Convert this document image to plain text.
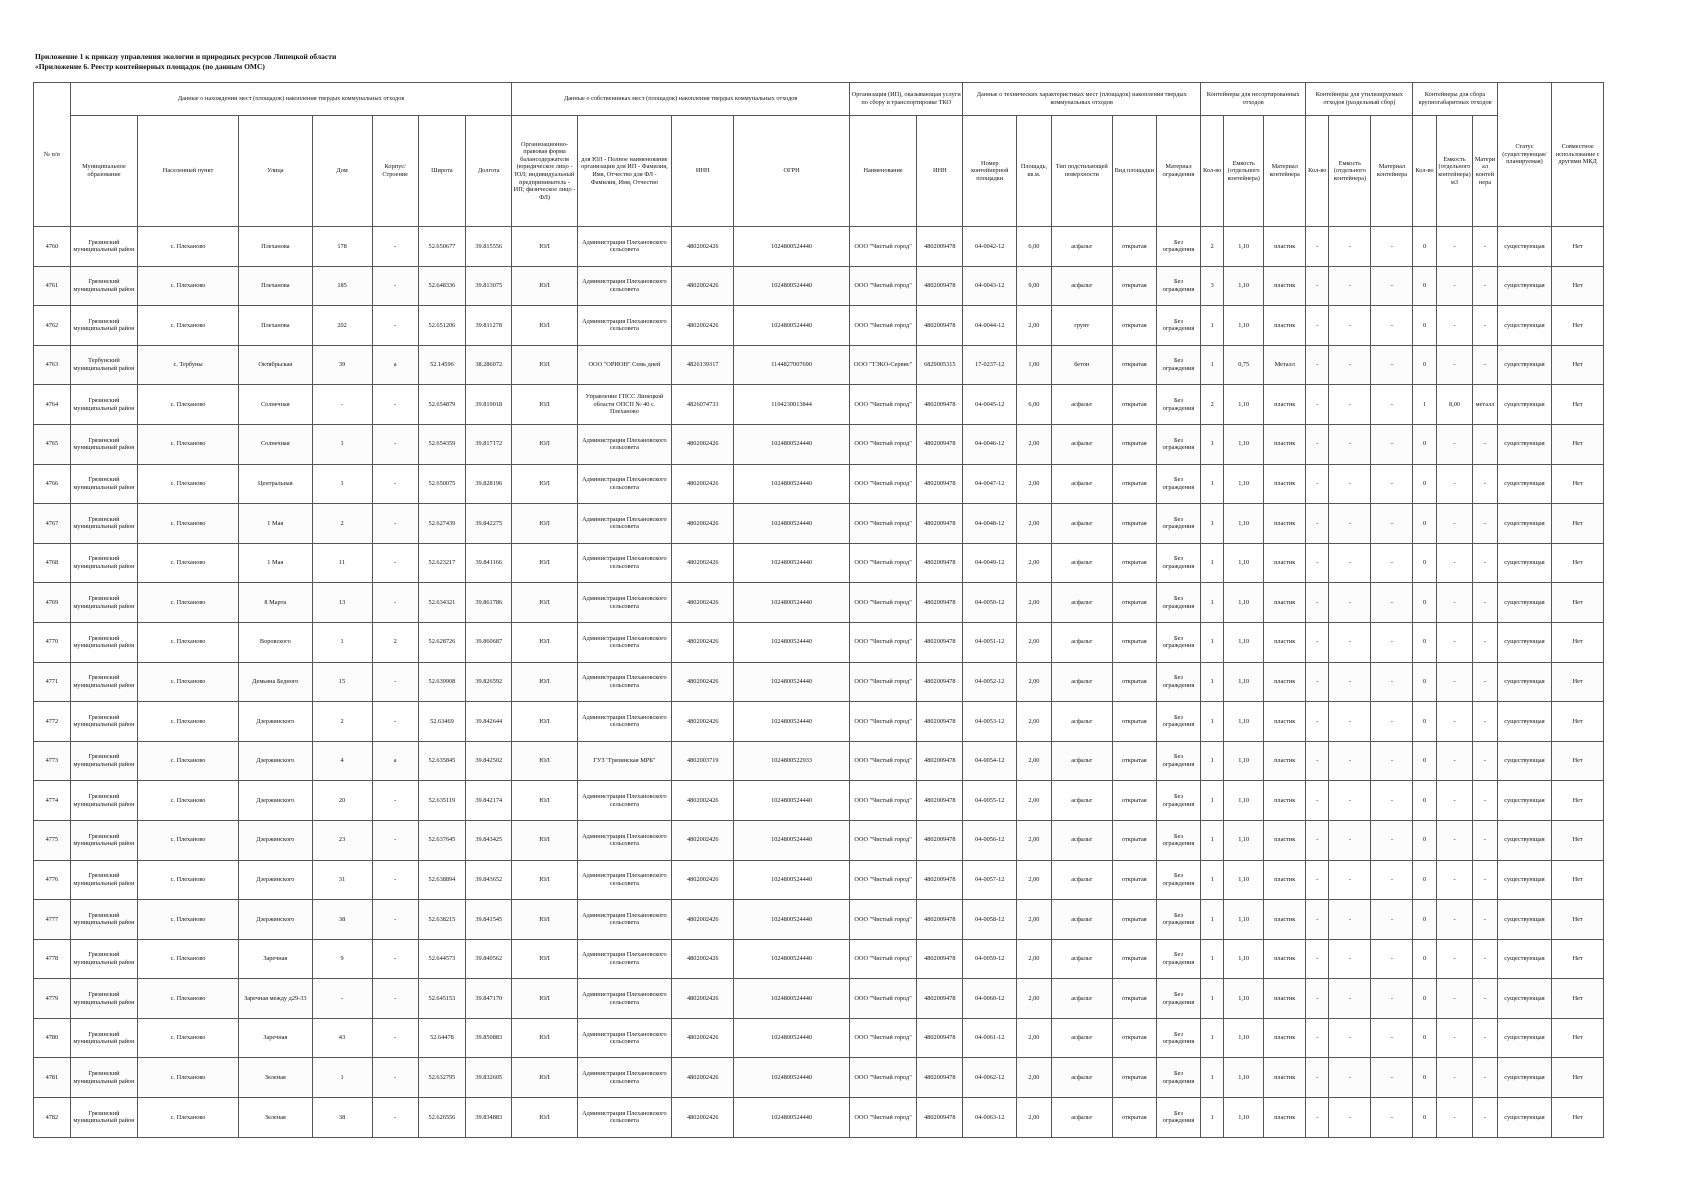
Приложение 1 к приказу управления экологии и природных ресурсов Липецкой области
«Приложение 6. Реестр контейнерных площадок (по данным ОМС)
№ п/п	Данные о нахождении мест (площадок) накопления твердых коммунальных отходов							Данные о собственниках мест (площадок) накопления твердых коммунальных отходов				Организация (ИП), оказывающая услуги по сбору и транспортировке ТКО		Данные о технических характеристиках мест (площадок) накопления твердых коммунальных отходов					Контейнеры для несортированных отходов			Контейнеры для утилизируемых отходов (раздельный сбор)			Контейнеры для сбора крупногабаритных отходов			Статус (существующая/ планируемая)	Совместное использование с другими МКД
	Муниципальное образование	Населенный пункт	Улица	Дом	Корпус/Строение	Широта	Долгота	Организационно-правовая форма балансодержателя (юридическое лицо - ЮЛ; индивидуальный предприниматель - ИП; физическое лицо - ФЛ)	для ЮЛ - Полное наименование организации для ИП - Фамилия, Имя, Отчество для ФЛ - Фамилия, Имя, Отчество	ИНН	ОГРН	Наименование	ИНН	Номер контейнерной площадки	Площадь, кв.м.	Тип подстилающей поверхности	Вид площадки	Материал ограждения	Кол-во	Емкость (отдельного контейнера)	Материал контейнера	Кол-во	Емкость (отдельного контейнера)	Материал контейнера	Кол-во	Емкость (отдельного контейнера) м3	Материал контейнера		
4760	Грязинский муниципальный район	с. Плеханово	Плеханова	178	-	52.650677	39.815556	ЮЛ	Администрация Плехановского сельсовета	4802002426	1024800524440	ООО "Чистый город"	4802009478	04-0042-12	6,00	асфальт	открытая	Без ограждения	2	1,10	пластик	-	-	-	0	-	-	существующая	Нет
4761	Грязинский муниципальный район	с. Плеханово	Плеханова	185	-	52.648336	39.813075	ЮЛ	Администрация Плехановского сельсовета	4802002426	1024800524440	ООО "Чистый город"	4802009478	04-0043-12	9,00	асфальт	открытая	Без ограждения	3	1,10	пластик	-	-	-	0	-	-	существующая	Нет
4762	Грязинский муниципальный район	с. Плеханово	Плеханова	202	-	52.651206	39.811278	ЮЛ	Администрация Плехановского сельсовета	4802002426	1024800524440	ООО "Чистый город"	4802009478	04-0044-12	2,00	грунт	открытая	Без ограждения	1	1,10	пластик	-	-	-	0	-	-	существующая	Нет
4763	Тербунский муниципальный район	с. Тербуны	Октябрьская	39	а	52.14596	38.286072	ЮЛ	ООО "ОРИОН" Семь дней	4826139317	1144827007690	ООО "ТЭКО-Сервис"	6829005315	17-0237-12	1,00	бетон	открытая	Без ограждения	1	0,75	Металл	-	-	-	0	-	-	существующая	Нет
4764	Грязинский муниципальный район	с. Плеханово	Солнечная	-	-	52.654879	39.819018	ЮЛ	Управление ГПСС Липецкой области ОПСП № 40 с. Плеханово	4826074733	1104230013844	ООО "Чистый город"	4802009478	04-0045-12	6,00	асфальт	открытая	Без ограждения	2	1,10	пластик	-	-	-	1	8,00	металл	существующая	Нет
4765	Грязинский муниципальный район	с. Плеханово	Солнечная	1	-	52.654359	39.817172	ЮЛ	Администрация Плехановского сельсовета	4802002426	1024800524440	ООО "Чистый город"	4802009478	04-0046-12	2,00	асфальт	открытая	Без ограждения	1	1,10	пластик	-	-	-	0	-	-	существующая	Нет
4766	Грязинский муниципальный район	с. Плеханово	Центральная	1	-	52.650075	39.828196	ЮЛ	Администрация Плехановского сельсовета	4802002426	1024800524440	ООО "Чистый город"	4802009478	04-0047-12	2,00	асфальт	открытая	Без ограждения	1	1,10	пластик	-	-	-	0	-	-	существующая	Нет
4767	Грязинский муниципальный район	с. Плеханово	1 Мая	2	-	52.627439	39.842275	ЮЛ	Администрация Плехановского сельсовета	4802002426	1024800524440	ООО "Чистый город"	4802009478	04-0048-12	2,00	асфальт	открытая	Без ограждения	1	1,10	пластик	-	-	-	0	-	-	существующая	Нет
4768	Грязинский муниципальный район	с. Плеханово	1 Мая	11	-	52.623217	39.841166	ЮЛ	Администрация Плехановского сельсовета	4802002426	1024800524440	ООО "Чистый город"	4802009478	04-0049-12	2,00	асфальт	открытая	Без ограждения	1	1,10	пластик	-	-	-	0	-	-	существующая	Нет
4769	Грязинский муниципальный район	с. Плеханово	8 Марта	13	-	52.634321	39.861786	ЮЛ	Администрация Плехановского сельсовета	4802002426	1024800524440	ООО "Чистый город"	4802009478	04-0050-12	2,00	асфальт	открытая	Без ограждения	1	1,10	пластик	-	-	-	0	-	-	существующая	Нет
4770	Грязинский муниципальный район	с. Плеханово	Воровского	1	2	52.628726	39.860687	ЮЛ	Администрация Плехановского сельсовета	4802002426	1024800524440	ООО "Чистый город"	4802009478	04-0051-12	2,00	асфальт	открытая	Без ограждения	1	1,10	пластик	-	-	-	0	-	-	существующая	Нет
4771	Грязинский муниципальный район	с. Плеханово	Демьяна Бедного	15	-	52.639908	39.826592	ЮЛ	Администрация Плехановского сельсовета	4802002426	1024800524440	ООО "Чистый город"	4802009478	04-0052-12	2,00	асфальт	открытая	Без ограждения	1	1,10	пластик	-	-	-	0	-	-	существующая	Нет
4772	Грязинский муниципальный район	с. Плеханово	Дзержинского	2	-	52.63469	39.842644	ЮЛ	Администрация Плехановского сельсовета	4802002426	1024800524440	ООО "Чистый город"	4802009478	04-0053-12	2,00	асфальт	открытая	Без ограждения	1	1,10	пластик	-	-	-	0	-	-	существующая	Нет
4773	Грязинский муниципальный район	с. Плеханово	Дзержинского	4	а	52.635845	39.842502	ЮЛ	ГУЗ "Грязинская МРБ"	4802003719	1024800522933	ООО "Чистый город"	4802009478	04-0054-12	2,00	асфальт	открытая	Без ограждения	1	1,10	пластик	-	-	-	0	-	-	существующая	Нет
4774	Грязинский муниципальный район	с. Плеханово	Дзержинского	20	-	52.635119	39.842174	ЮЛ	Администрация Плехановского сельсовета	4802002426	1024800524440	ООО "Чистый город"	4802009478	04-0055-12	2,00	асфальт	открытая	Без ограждения	1	1,10	пластик	-	-	-	0	-	-	существующая	Нет
4775	Грязинский муниципальный район	с. Плеханово	Дзержинского	23	-	52.637645	39.843425	ЮЛ	Администрация Плехановского сельсовета	4802002426	1024800524440	ООО "Чистый город"	4802009478	04-0056-12	2,00	асфальт	открытая	Без ограждения	1	1,10	пластик	-	-	-	0	-	-	существующая	Нет
4776	Грязинский муниципальный район	с. Плеханово	Дзержинского	31	-	52.638894	39.843652	ЮЛ	Администрация Плехановского сельсовета	4802002426	1024800524440	ООО "Чистый город"	4802009478	04-0057-12	2,00	асфальт	открытая	Без ограждения	1	1,10	пластик	-	-	-	0	-	-	существующая	Нет
4777	Грязинский муниципальный район	с. Плеханово	Дзержинского	38	-	52.638215	39.841545	ЮЛ	Администрация Плехановского сельсовета	4802002426	1024800524440	ООО "Чистый город"	4802009478	04-0058-12	2,00	асфальт	открытая	Без ограждения	1	1,10	пластик	-	-	-	0	-	-	существующая	Нет
4778	Грязинский муниципальный район	с. Плеханово	Заречная	9	-	52.644573	39.840562	ЮЛ	Администрация Плехановского сельсовета	4802002426	1024800524440	ООО "Чистый город"	4802009478	04-0059-12	2,00	асфальт	открытая	Без ограждения	1	1,10	пластик	-	-	-	0	-	-	существующая	Нет
4779	Грязинский муниципальный район	с. Плеханово	Заречная между д29-33	-	-	52.645153	39.847170	ЮЛ	Администрация Плехановского сельсовета	4802002426	1024800524440	ООО "Чистый город"	4802009478	04-0060-12	2,00	асфальт	открытая	Без ограждения	1	1,10	пластик	-	-	-	0	-	-	существующая	Нет
4780	Грязинский муниципальный район	с. Плеханово	Заречная	43	-	52.64478	39.850883	ЮЛ	Администрация Плехановского сельсовета	4802002426	1024800524440	ООО "Чистый город"	4802009478	04-0061-12	2,00	асфальт	открытая	Без ограждения	1	1,10	пластик	-	-	-	0	-	-	существующая	Нет
4781	Грязинский муниципальный район	с. Плеханово	Зеленая	1	-	52.632795	39.832605	ЮЛ	Администрация Плехановского сельсовета	4802002426	1024800524440	ООО "Чистый город"	4802009478	04-0062-12	2,00	асфальт	открытая	Без ограждения	1	1,10	пластик	-	-	-	0	-	-	существующая	Нет
4782	Грязинский муниципальный район	с. Плеханово	Зеленая	38	-	52.626556	39.834883	ЮЛ	Администрация Плехановского сельсовета	4802002426	1024800524440	ООО "Чистый город"	4802009478	04-0063-12	2,00	асфальт	открытая	Без ограждения	1	1,10	пластик	-	-	-	0	-	-	существующая	Нет
